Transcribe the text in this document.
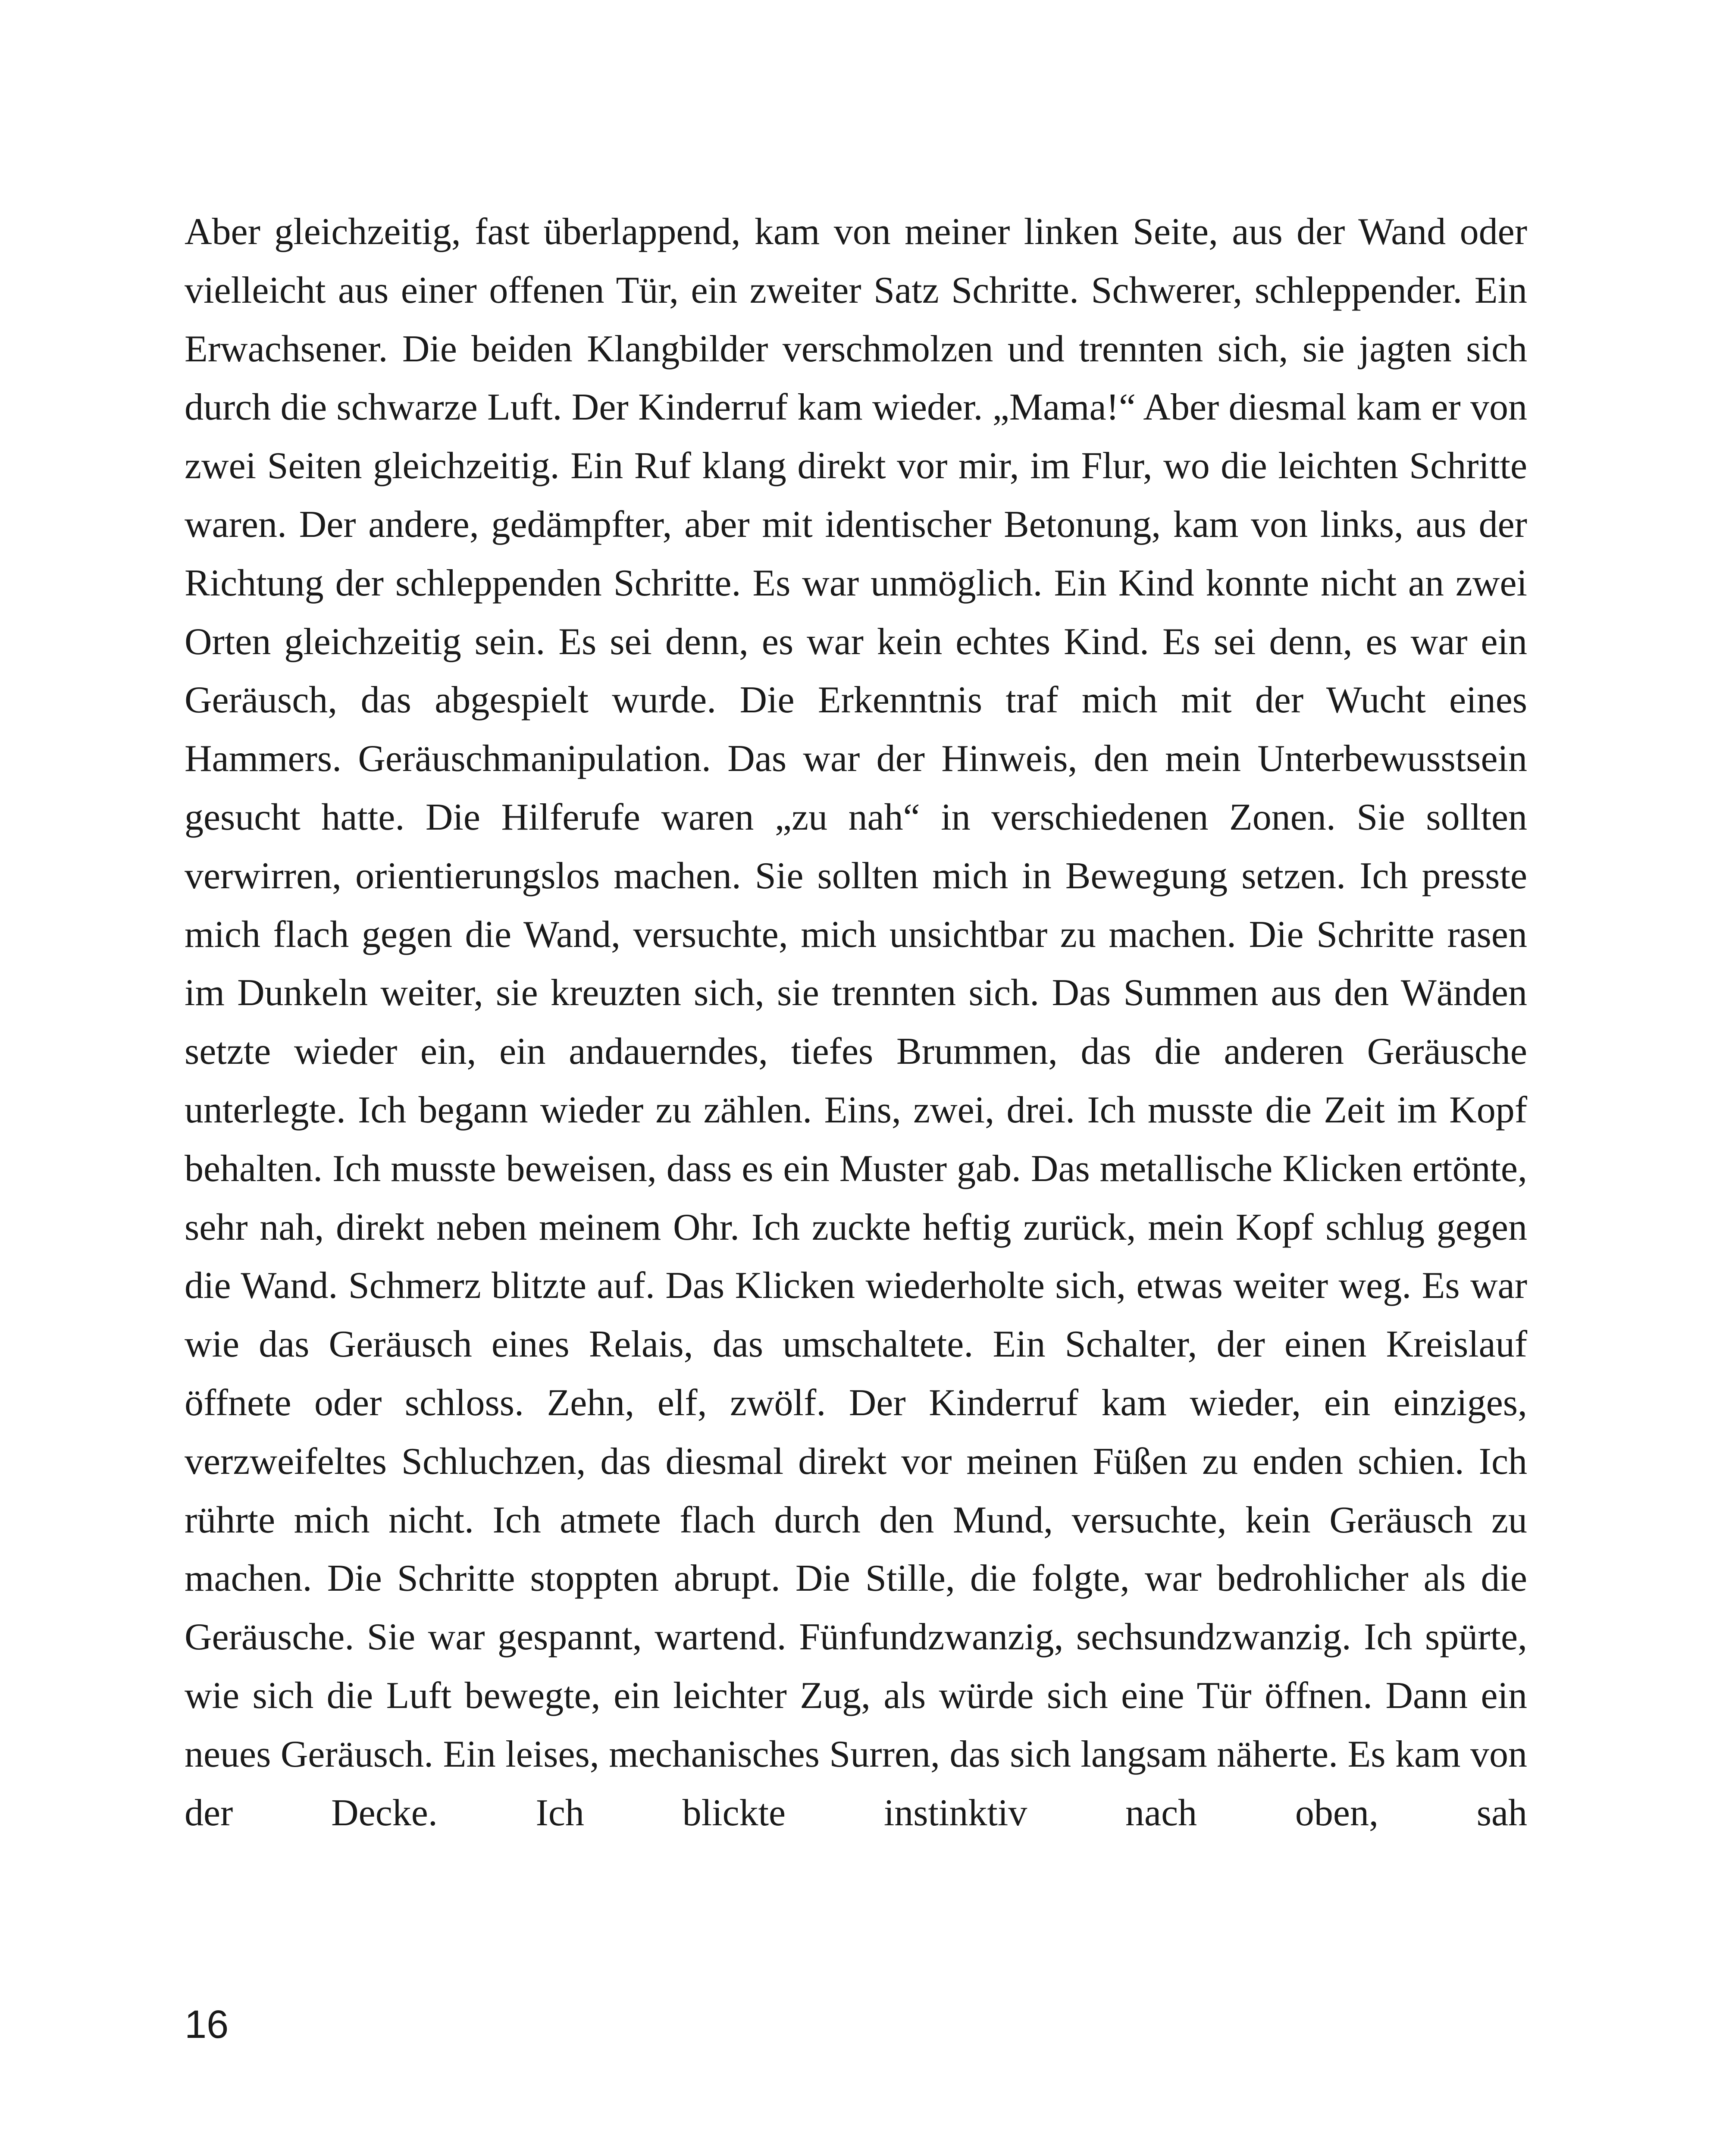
Aber gleichzeitig, fast überlappend, kam von meiner linken Seite, aus der Wand oder vielleicht aus einer offenen Tür, ein zweiter Satz Schritte. Schwerer, schleppender. Ein Erwachsener. Die beiden Klangbilder verschmolzen und trennten sich, sie jagten sich durch die schwarze Luft. Der Kinderruf kam wieder. „Mama!“ Aber diesmal kam er von zwei Seiten gleichzeitig. Ein Ruf klang direkt vor mir, im Flur, wo die leichten Schritte waren. Der andere, gedämpfter, aber mit identischer Betonung, kam von links, aus der Richtung der schleppenden Schritte. Es war unmöglich. Ein Kind konnte nicht an zwei Orten gleichzeitig sein. Es sei denn, es war kein echtes Kind. Es sei denn, es war ein Geräusch, das abgespielt wurde. Die Erkenntnis traf mich mit der Wucht eines Hammers. Geräuschmanipulation. Das war der Hinweis, den mein Unterbewusstsein gesucht hatte. Die Hilferufe waren „zu nah“ in verschiedenen Zonen. Sie sollten verwirren, orientierungslos machen. Sie sollten mich in Bewegung setzen. Ich presste mich flach gegen die Wand, versuchte, mich unsichtbar zu machen. Die Schritte rasen im Dunkeln weiter, sie kreuzten sich, sie trennten sich. Das Summen aus den Wänden setzte wieder ein, ein andauerndes, tiefes Brummen, das die anderen Geräusche unterlegte. Ich begann wieder zu zählen. Eins, zwei, drei. Ich musste die Zeit im Kopf behalten. Ich musste beweisen, dass es ein Muster gab. Das metallische Klicken ertönte, sehr nah, direkt neben meinem Ohr. Ich zuckte heftig zurück, mein Kopf schlug gegen die Wand. Schmerz blitzte auf. Das Klicken wiederholte sich, etwas weiter weg. Es war wie das Geräusch eines Relais, das umschaltete. Ein Schalter, der einen Kreislauf öffnete oder schloss. Zehn, elf, zwölf. Der Kinderruf kam wieder, ein einziges, verzweifeltes Schluchzen, das diesmal direkt vor meinen Füßen zu enden schien. Ich rührte mich nicht. Ich atmete flach durch den Mund, versuchte, kein Geräusch zu machen. Die Schritte stoppten abrupt. Die Stille, die folgte, war bedrohlicher als die Geräusche. Sie war gespannt, wartend. Fünfundzwanzig, sechsundzwanzig. Ich spürte, wie sich die Luft bewegte, ein leichter Zug, als würde sich eine Tür öffnen. Dann ein neues Geräusch. Ein leises, mechanisches Surren, das sich langsam näherte. Es kam von der Decke. Ich blickte instinktiv nach oben, sah

16
